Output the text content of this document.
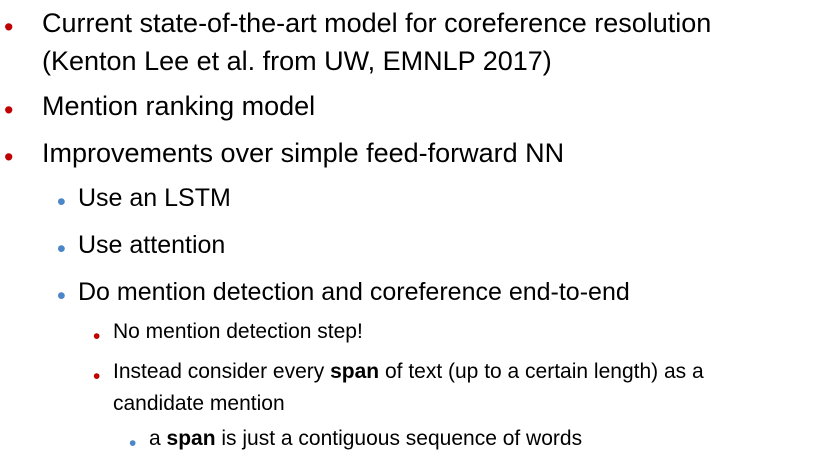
• Current state-of-the-art model for coreference resolution
(Kenton Lee et al. from UW, EMNLP 2017)
• Mention ranking model
• Improvements over simple feed-forward NN
• Use an LSTM
• Use attention
• Do mention detection and coreference end-to-end
• No mention detection step!
• Instead consider every span of text (up to a certain length) as a
candidate mention
• a span is just a contiguous sequence of words
